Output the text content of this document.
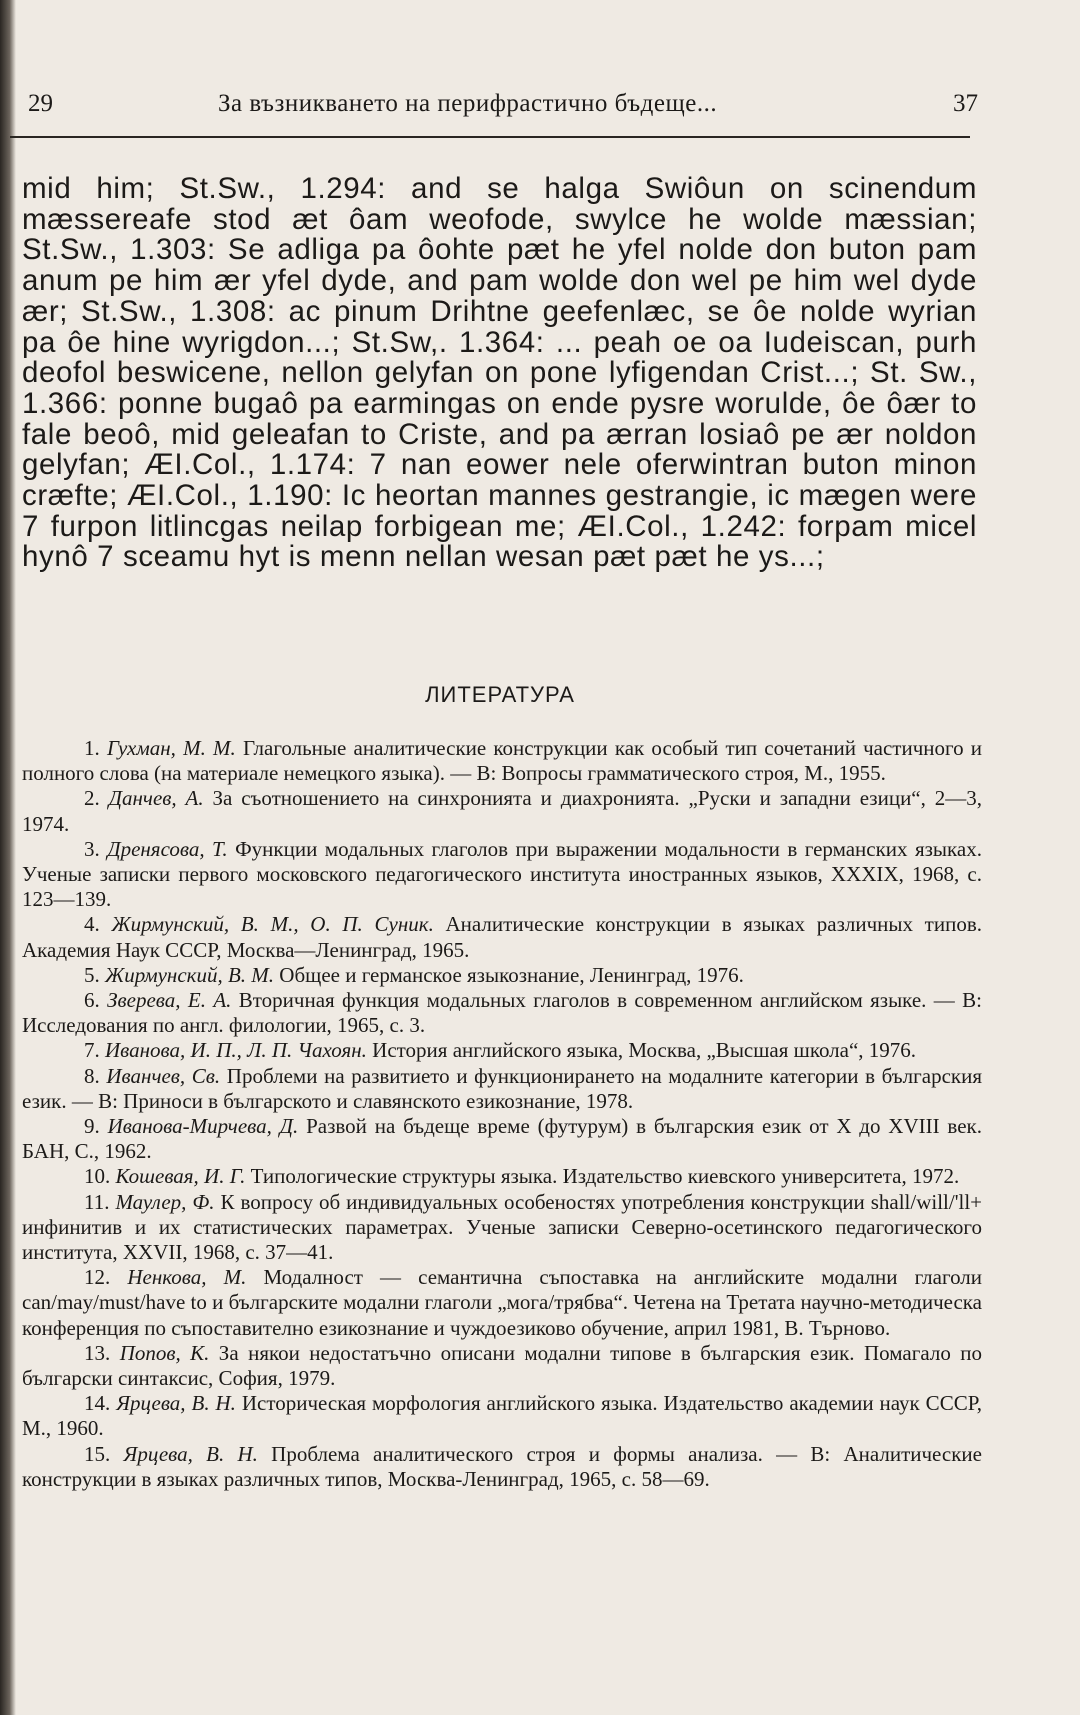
29	За възникването на перифрастично бъдеще...	37
mid him; St.Sw., 1.294: and se halga Swiôun on scinendum mæssereafe stod æt ôam weofode, swylce he wolde mæssian; St.Sw., 1.303: Se adliga pa ôohte pæt he yfel nolde don buton pam anum pe him ær yfel dyde, and pam wolde don wel pe him wel dyde ær; St.Sw., 1.308: ac pinum Drihtne geefenlæc, se ôe nolde wyrian pa ôe hine wyrigdon...; St.Sw,. 1.364: ... peah oe oa Iudeiscan, purh deofol beswicene, nellon gelyfan on pone lyfigendan Crist...; St. Sw., 1.366: ponne bugaô pa earmingas on ende pysre worulde, ôe ôær to fale beoô, mid geleafan to Criste, and pa ærran losiaô pe ær noldon gelyfan; ÆI.Col., 1.174: 7 nan eower nele oferwintran buton minon cræfte; ÆI.Col., 1.190: Ic heortan mannes gestrangie, ic mægen were 7 furpon litlincgas neilap forbigean me; ÆI.Col., 1.242: forpam micel hynô 7 sceamu hyt is menn nellan wesan pæt pæt he ys...;
ЛИТЕРАТУРА

1. Гухман, М. М. Глагольные аналитические конструкции как особый тип сочетаний частичного и полного слова (на материале немецкого языка). — В: Вопросы грамматического строя, М., 1955.

2. Данчев, А. За съотношението на синхронията и диахронията. „Руски и западни езици“, 2—3, 1974.

3. Дренясова, Т. Функции модальных глаголов при выражении модальности в германских языках. Ученые записки первого московского педагогического института иностранных языков, XXXIX, 1968, с. 123—139.

4. Жирмунский, В. М., О. П. Суник. Аналитические конструкции в языках различных типов. Академия Наук СССР, Москва—Ленинград, 1965.

5. Жирмунский, В. М. Общее и германское языкознание, Ленинград, 1976.

6. Зверева, Е. А. Вторичная функция модальных глаголов в современном английском языке. — В: Исследования по англ. филологии, 1965, с. 3.

7. Иванова, И. П., Л. П. Чахоян. История английского языка, Москва, „Высшая школа“, 1976.

8. Иванчев, Св. Проблеми на развитието и функционирането на модалните категории в българския език. — В: Приноси в българското и славянското езикознание, 1978.

9. Иванова-Мирчева, Д. Развой на бъдеще време (футурум) в българския език от X до XVIII век. БАН, С., 1962.

10. Кошевая, И. Г. Типологические структуры языка. Издательство киевского университета, 1972.

11. Маулер, Ф. К вопросу об индивидуальных особеностях употребления конструкции shall/will/'ll+ инфинитив и их статистических параметрах. Ученые записки Северно-осетинского педагогического института, XXVII, 1968, с. 37—41.

12. Ненкова, М. Модалност — семантична съпоставка на английските модални глаголи can/may/must/have to и българските модални глаголи „мога/трябва“. Четена на Третата научно-методическа конференция по съпоставително езикознание и чуждоезиково обучение, април 1981, В. Търново.

13. Попов, К. За някои недостатъчно описани модални типове в българския език. Помагало по български синтаксис, София, 1979.

14. Ярцева, В. Н. Историческая морфология английского языка. Издательство академии наук СССР, М., 1960.

15. Ярцева, В. Н. Проблема аналитического строя и формы анализа. — В: Аналитические конструкции в языках различных типов, Москва-Ленинград, 1965, с. 58—69.
